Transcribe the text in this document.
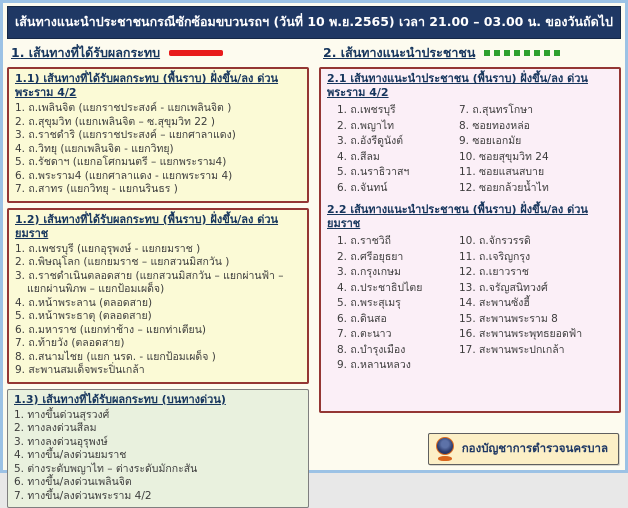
เส้นทางแนะนำประชาชนกรณีซักซ้อมขบวนรถฯ (วันที่ 10 พ.ย.2565) เวลา 21.00 – 03.00 น. ของวันถัดไป
1. เส้นทางที่ได้รับผลกระทบ
1.1) เส้นทางที่ได้รับผลกระทบ (พื้นราบ) ฝั่งขึ้น/ลง ด่วนพระราม 4/2
1. ถ.เพลินจิต (แยกราชประสงค์ - แยกเพลินจิต )
2. ถ.สุขุมวิท (แยกเพลินจิต – ซ.สุขุมวิท 22 )
3. ถ.ราชดำริ (แยกราชประสงค์ – แยกศาลาแดง)
4. ถ.วิทยุ (แยกเพลินจิต - แยกวิทยุ)
5. ถ.รัชดาฯ (แยกอโศกมนตรี – แยกพระราม4)
6. ถ.พระราม4 (แยกศาลาแดง - แยกพระราม 4)
7. ถ.สาทร (แยกวิทยุ - แยกนรินธร )
1.2) เส้นทางที่ได้รับผลกระทบ (พื้นราบ) ฝั่งขึ้น/ลง ด่วนยมราช
1. ถ.เพชรบุรี (แยกอุรุพงษ์ - แยกยมราช )
2. ถ.พิษณุโลก (แยกยมราช – แยกสวนมิสกวัน )
3. ถ.ราชดำเนินตลอดสาย (แยกสวนมิสกวัน – แยกผ่านฟ้า – แยกผ่านพิภพ – แยกป้อมเผด็จ)
4. ถ.หน้าพระลาน (ตลอดสาย)
5. ถ.หน้าพระธาตุ (ตลอดสาย)
6. ถ.มหาราช (แยกท่าช้าง – แยกท่าเตียน)
7. ถ.ท้ายวัง (ตลอดสาย)
8. ถ.สนามไชย (แยก นรด. - แยกป้อมเผด็จ )
9. สะพานสมเด็จพระปิ่นเกล้า
1.3) เส้นทางที่ได้รับผลกระทบ (บนทางด่วน)
1. ทางขึ้นด่วนสุรวงศ์
2. ทางลงด่วนสีลม
3. ทางลงด่วนอุรุพงษ์
4. ทางขึ้น/ลงด่วนยมราช
5. ต่างระดับพญาไท – ต่างระดับมักกะสัน
6. ทางขึ้น/ลงด่วนเพลินจิต
7. ทางขึ้น/ลงด่วนพระราม 4/2
2. เส้นทางแนะนำประชาชน
2.1 เส้นทางแนะนำประชาชน (พื้นราบ) ฝั่งขึ้น/ลง ด่วนพระราม 4/2
1. ถ.เพชรบุรี
2. ถ.พญาไท
3. ถ.อังรีดูนังต์
4. ถ.สีลม
5. ถ.นราธิวาสฯ
6. ถ.จันทน์
7. ถ.สุนทรโกษา
8. ซอยทองหล่อ
9. ซอยเอกมัย
10. ซอยสุขุมวิท 24
11. ซอยแสนสบาย
12. ซอยกล้วยน้ำไท
2.2 เส้นทางแนะนำประชาชน (พื้นราบ) ฝั่งขึ้น/ลง ด่วนยมราช
1. ถ.ราชวิถี
2. ถ.ศรีอยุธยา
3. ถ.กรุงเกษม
4. ถ.ประชาธิปไตย
5. ถ.พระสุเมรุ
6. ถ.ดินสอ
7. ถ.ตะนาว
8. ถ.บำรุงเมือง
9. ถ.หลานหลวง
10. ถ.จักรวรรดิ
11. ถ.เจริญกรุง
12. ถ.เยาวราช
13. ถ.จรัญสนิทวงศ์
14. สะพานซังฮี้
15. สะพานพระราม 8
16. สะพานพระพุทธยอดฟ้า
17. สะพานพระปกเกล้า
กองบัญชาการตำรวจนครบาล
